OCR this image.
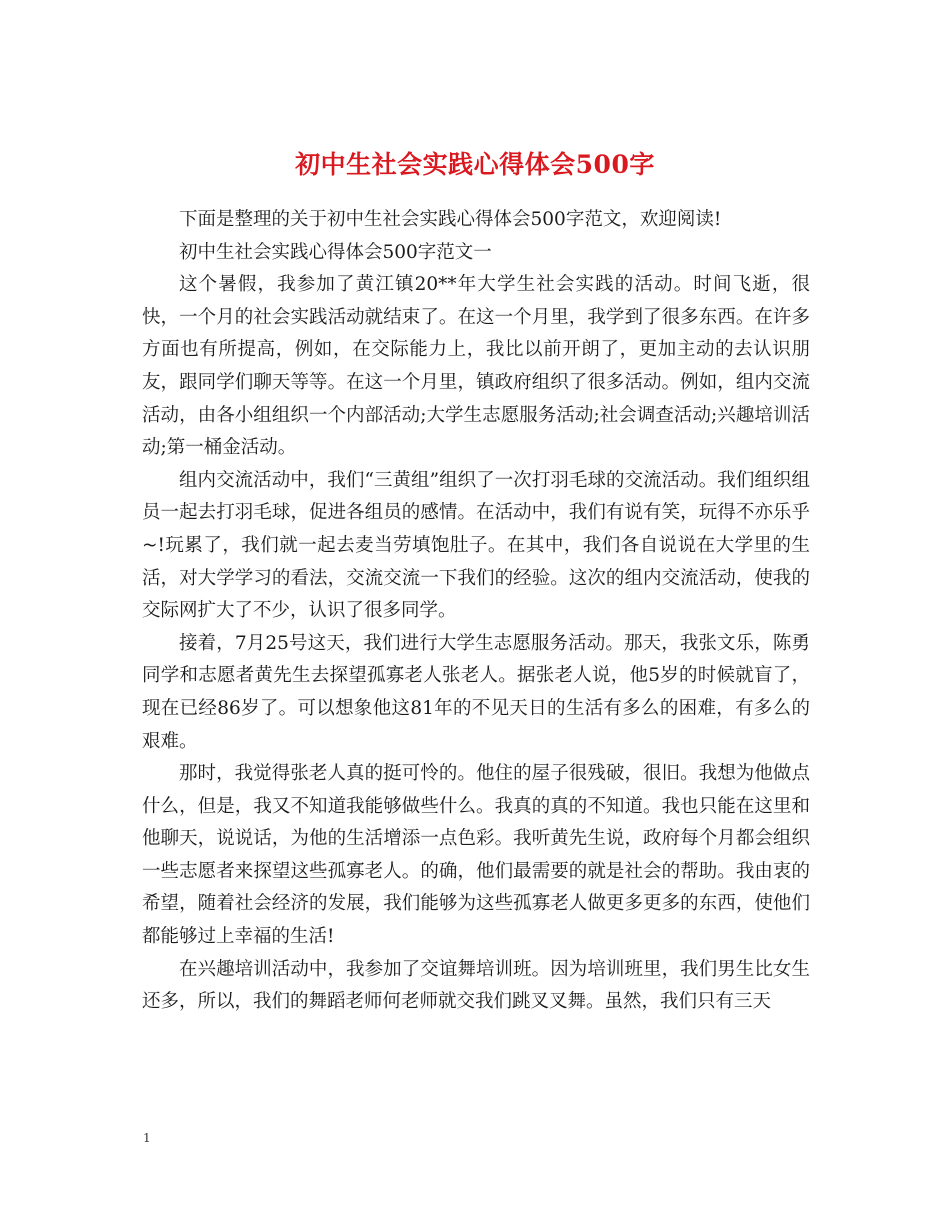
初中生社会实践心得体会500字

下面是整理的关于初中生社会实践心得体会500字范文，欢迎阅读!

初中生社会实践心得体会500字范文一

这个暑假，我参加了黄江镇20**年大学生社会实践的活动。时间飞逝，很快，一个月的社会实践活动就结束了。在这一个月里，我学到了很多东西。在许多方面也有所提高，例如，在交际能力上，我比以前开朗了，更加主动的去认识朋友，跟同学们聊天等等。在这一个月里，镇政府组织了很多活动。例如，组内交流活动，由各小组组织一个内部活动;大学生志愿服务活动;社会调查活动;兴趣培训活动;第一桶金活动。

组内交流活动中，我们“三黄组”组织了一次打羽毛球的交流活动。我们组织组员一起去打羽毛球，促进各组员的感情。在活动中，我们有说有笑，玩得不亦乐乎~!玩累了，我们就一起去麦当劳填饱肚子。在其中，我们各自说说在大学里的生活，对大学学习的看法，交流交流一下我们的经验。这次的组内交流活动，使我的交际网扩大了不少，认识了很多同学。

接着，7月25号这天，我们进行大学生志愿服务活动。那天，我张文乐，陈勇同学和志愿者黄先生去探望孤寡老人张老人。据张老人说，他5岁的时候就盲了，现在已经86岁了。可以想象他这81年的不见天日的生活有多么的困难，有多么的艰难。

那时，我觉得张老人真的挺可怜的。他住的屋子很残破，很旧。我想为他做点什么，但是，我又不知道我能够做些什么。我真的真的不知道。我也只能在这里和他聊天，说说话，为他的生活增添一点色彩。我听黄先生说，政府每个月都会组织一些志愿者来探望这些孤寡老人。的确，他们最需要的就是社会的帮助。我由衷的希望，随着社会经济的发展，我们能够为这些孤寡老人做更多更多的东西，使他们都能够过上幸福的生活!

在兴趣培训活动中，我参加了交谊舞培训班。因为培训班里，我们男生比女生还多，所以，我们的舞蹈老师何老师就交我们跳叉叉舞。虽然，我们只有三天

1
